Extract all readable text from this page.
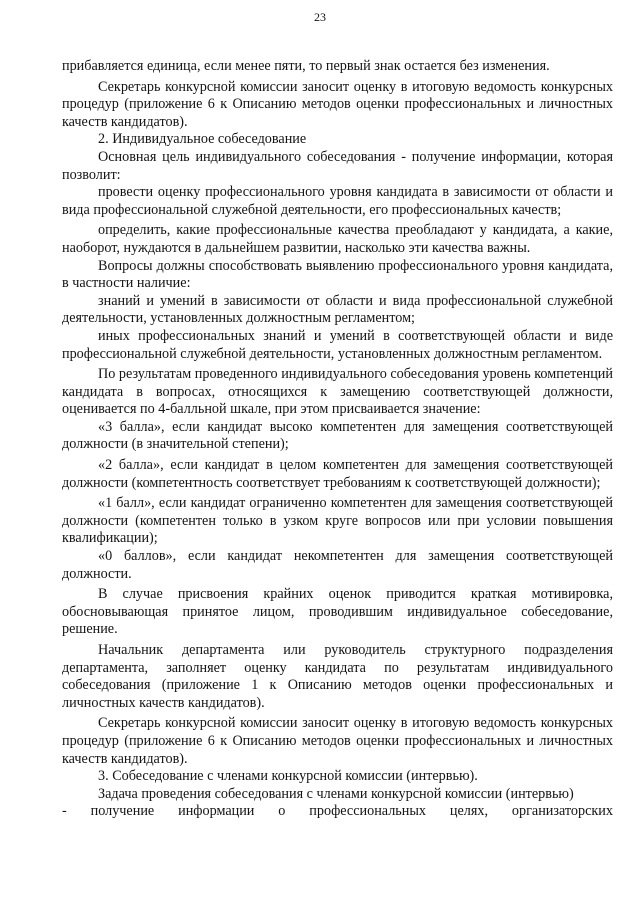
23

прибавляется единица, если менее пяти, то первый знак остается без изменения.

Секретарь конкурсной комиссии заносит оценку в итоговую ведомость конкурсных процедур (приложение 6 к Описанию методов оценки профессиональных и личностных качеств кандидатов).

2. Индивидуальное собеседование

Основная цель индивидуального собеседования - получение информации, которая позволит:

провести оценку профессионального уровня кандидата в зависимости от области и вида профессиональной служебной деятельности, его профессиональных качеств;

определить, какие профессиональные качества преобладают у кандидата, а какие, наоборот, нуждаются в дальнейшем развитии, насколько эти качества важны.

Вопросы должны способствовать выявлению профессионального уровня кандидата, в частности наличие:

знаний и умений в зависимости от области и вида профессиональной служебной деятельности, установленных должностным регламентом;

иных профессиональных знаний и умений в соответствующей области и виде профессиональной служебной деятельности, установленных должностным регламентом.

По результатам проведенного индивидуального собеседования уровень компетенций кандидата в вопросах, относящихся к замещению соответствующей должности, оценивается по 4-балльной шкале, при этом присваивается значение:

«3 балла», если кандидат высоко компетентен для замещения соответствующей должности (в значительной степени);

«2 балла», если кандидат в целом компетентен для замещения соответствующей должности (компетентность соответствует требованиям к соответствующей должности);

«1 балл», если кандидат ограниченно компетентен для замещения соответствующей должности (компетентен только в узком круге вопросов или при условии повышения квалификации);

«0 баллов», если кандидат некомпетентен для замещения соответствующей должности.

В случае присвоения крайних оценок приводится краткая мотивировка, обосновывающая принятое лицом, проводившим индивидуальное собеседование, решение.

Начальник департамента или руководитель структурного подразделения департамента, заполняет оценку кандидата по результатам индивидуального собеседования (приложение 1 к Описанию методов оценки профессиональных и личностных качеств кандидатов).

Секретарь конкурсной комиссии заносит оценку в итоговую ведомость конкурсных процедур (приложение 6 к Описанию методов оценки профессиональных и личностных качеств кандидатов).

3. Собеседование с членами конкурсной комиссии (интервью).

Задача проведения собеседования с членами конкурсной комиссии (интервью)

- получение информации о профессиональных целях, организаторских
